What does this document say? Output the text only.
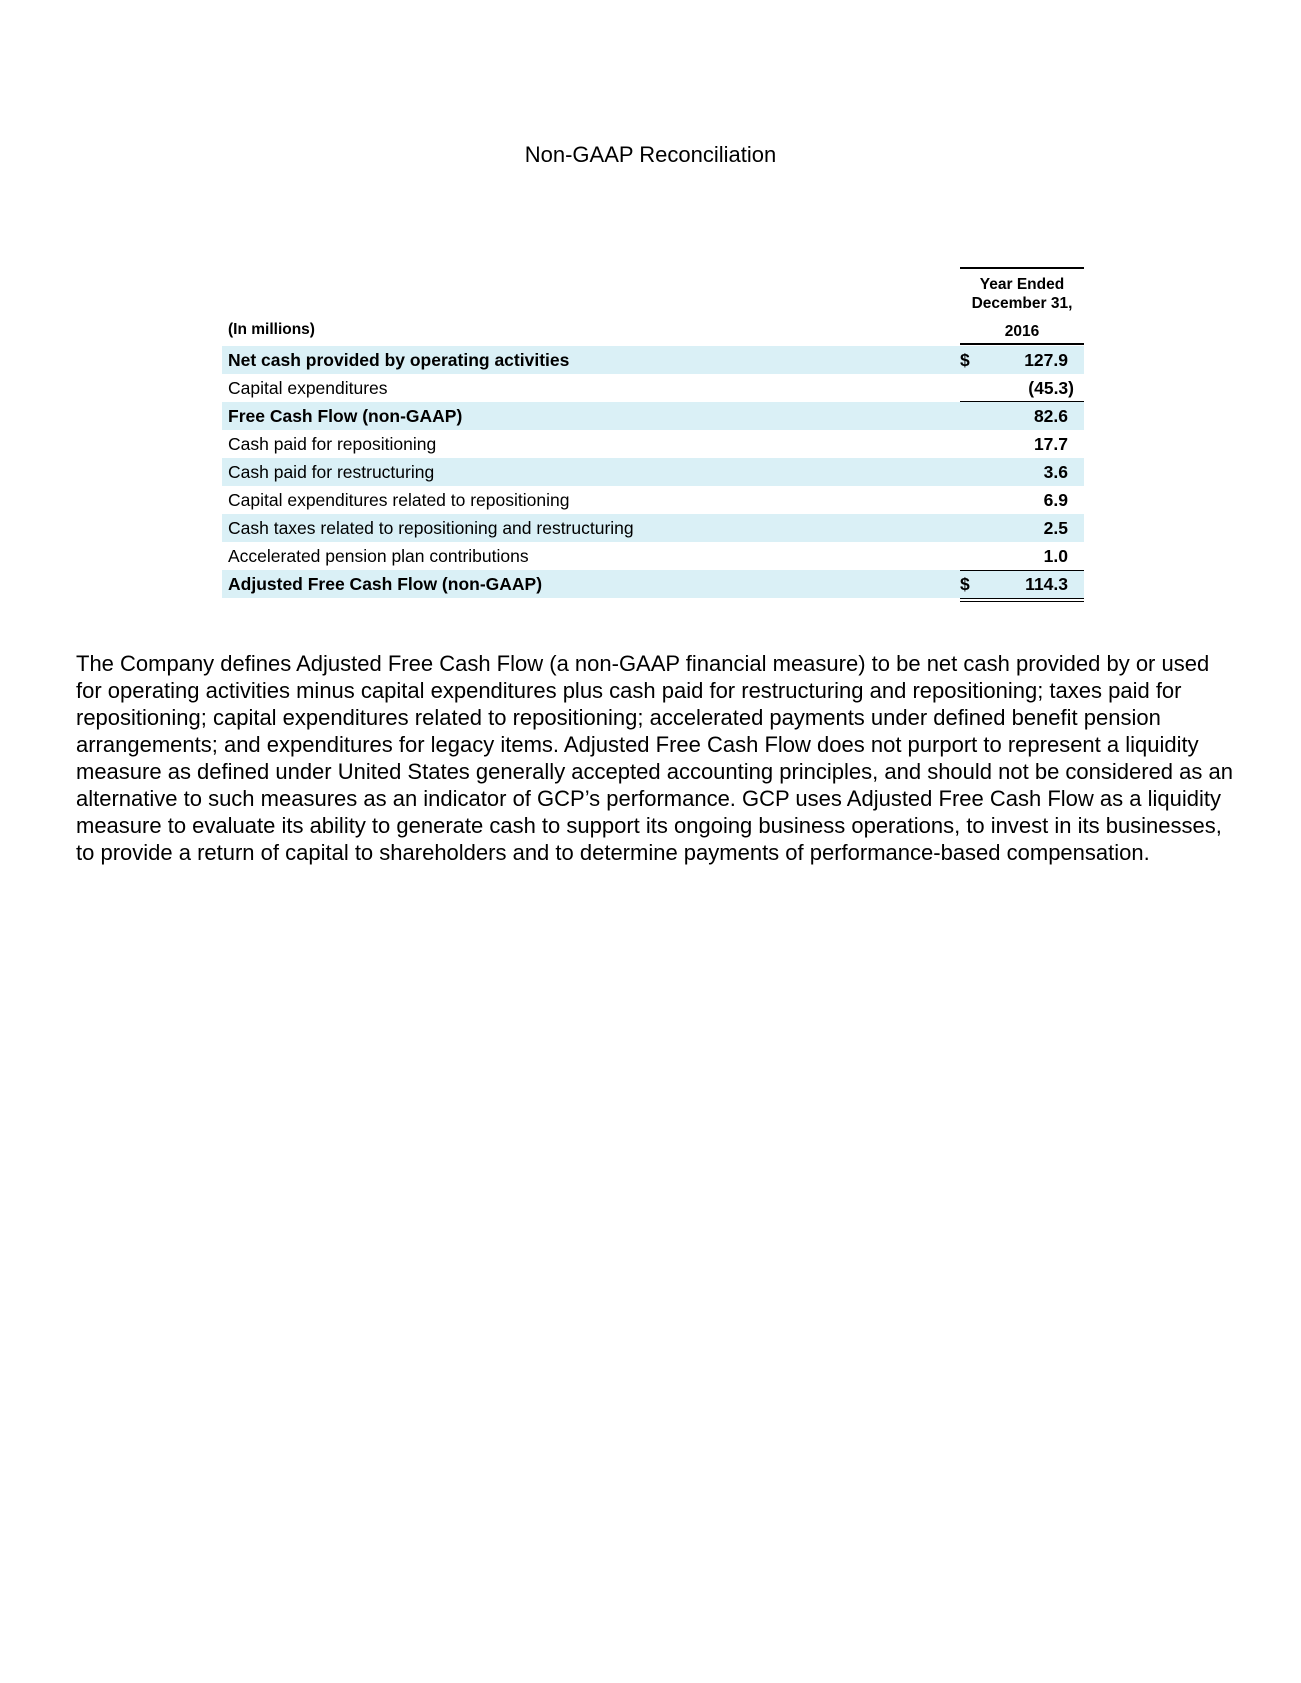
Non-GAAP Reconciliation
Year Ended
December 31,
2016
(In millions)
Net cash provided by operating activities	$	127.9
Capital expenditures	(45.3)
Free Cash Flow (non-GAAP)	82.6
Cash paid for repositioning	17.7
Cash paid for restructuring	3.6
Capital expenditures related to repositioning	6.9
Cash taxes related to repositioning and restructuring	2.5
Accelerated pension plan contributions	1.0
Adjusted Free Cash Flow (non-GAAP)	$	114.3

The Company defines Adjusted Free Cash Flow (a non-GAAP financial measure) to be net cash provided by or used for operating activities minus capital expenditures plus cash paid for restructuring and repositioning; taxes paid for repositioning; capital expenditures related to repositioning; accelerated payments under defined benefit pension arrangements; and expenditures for legacy items. Adjusted Free Cash Flow does not purport to represent a liquidity measure as defined under United States generally accepted accounting principles, and should not be considered as an alternative to such measures as an indicator of GCP’s performance. GCP uses Adjusted Free Cash Flow as a liquidity measure to evaluate its ability to generate cash to support its ongoing business operations, to invest in its businesses, to provide a return of capital to shareholders and to determine payments of performance-based compensation.
